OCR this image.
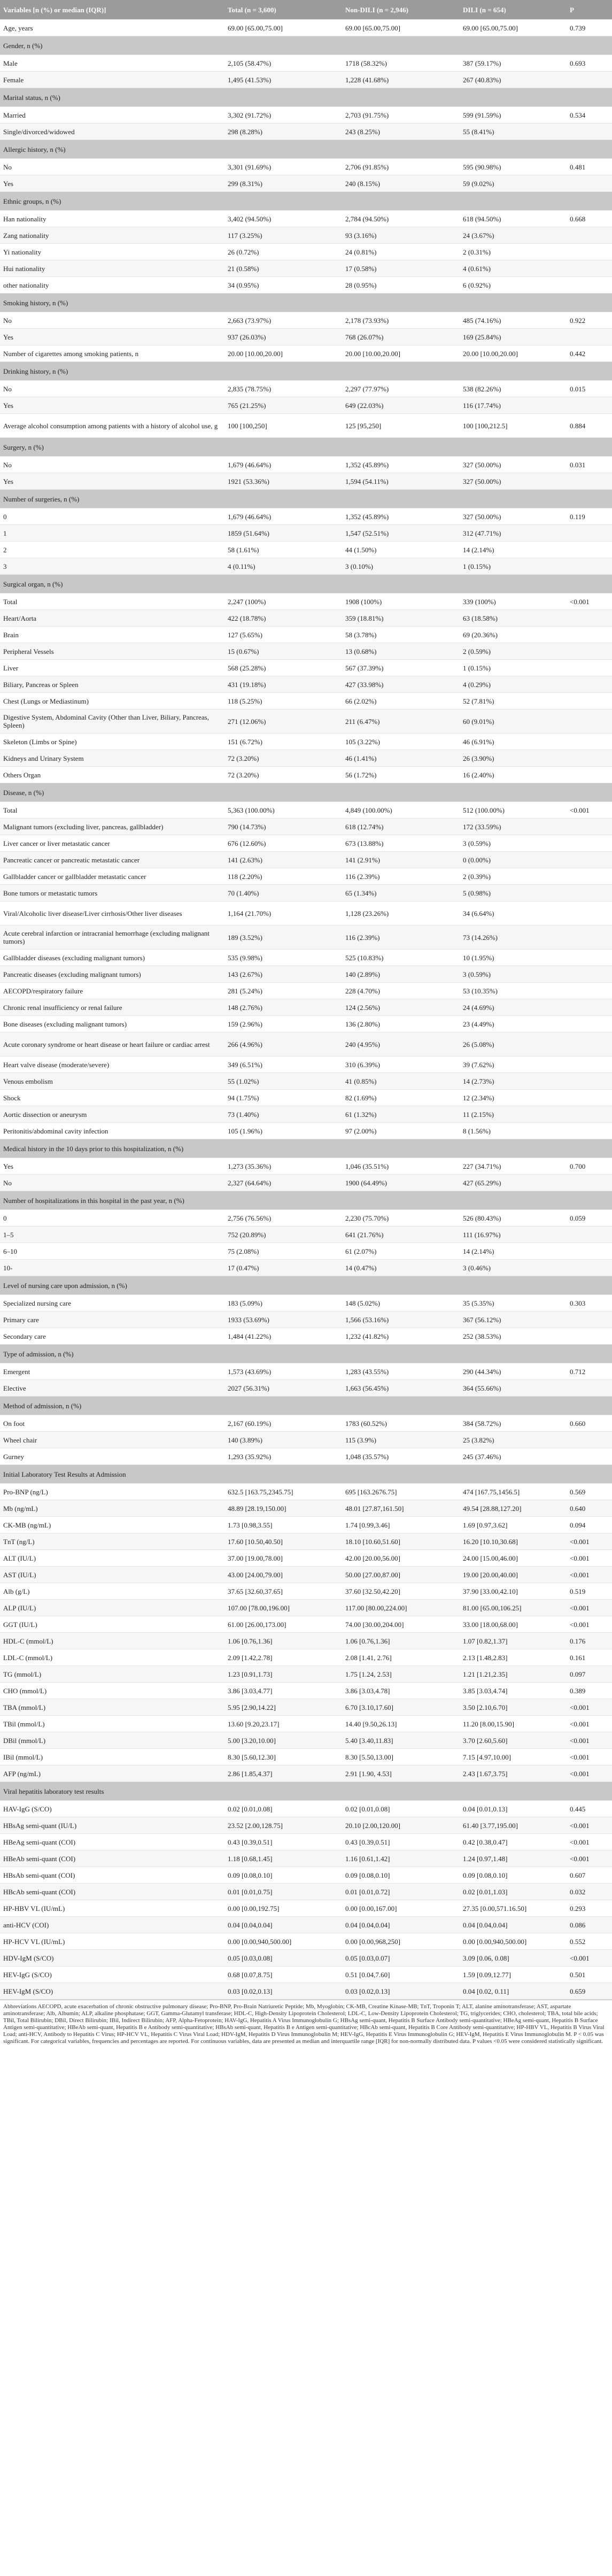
Variables [n (%) or median (IQR)]	Total (n = 3,600)	Non-DILI (n = 2,946)	DILI (n = 654)	P
Age, years	69.00 [65.00,75.00]	69.00 [65.00,75.00]	69.00 [65.00,75.00]	0.739
Gender, n (%)				
Male	2,105 (58.47%)	1718 (58.32%)	387 (59.17%)	0.693
Female	1,495 (41.53%)	1,228 (41.68%)	267 (40.83%)	
Marital status, n (%)				
Married	3,302 (91.72%)	2,703 (91.75%)	599 (91.59%)	0.534
Single/divorced/widowed	298 (8.28%)	243 (8.25%)	55 (8.41%)	
Allergic history, n (%)				
No	3,301 (91.69%)	2,706 (91.85%)	595 (90.98%)	0.481
Yes	299 (8.31%)	240 (8.15%)	59 (9.02%)	
Ethnic groups, n (%)				
Han nationality	3,402 (94.50%)	2,784 (94.50%)	618 (94.50%)	0.668
Zang nationality	117 (3.25%)	93 (3.16%)	24 (3.67%)	
Yi nationality	26 (0.72%)	24 (0.81%)	2 (0.31%)	
Hui nationality	21 (0.58%)	17 (0.58%)	4 (0.61%)	
other nationality	34 (0.95%)	28 (0.95%)	6 (0.92%)	
Smoking history, n (%)				
No	2,663 (73.97%)	2,178 (73.93%)	485 (74.16%)	0.922
Yes	937 (26.03%)	768 (26.07%)	169 (25.84%)	
Number of cigarettes among smoking patients, n	20.00 [10.00,20.00]	20.00 [10.00,20.00]	20.00 [10.00,20.00]	0.442
Drinking history, n (%)				
No	2,835 (78.75%)	2,297 (77.97%)	538 (82.26%)	0.015
Yes	765 (21.25%)	649 (22.03%)	116 (17.74%)	
Average alcohol consumption among patients with a history of alcohol use, g	100 [100,250]	125 [95,250]	100 [100,212.5]	0.884
Surgery, n (%)				
No	1,679 (46.64%)	1,352 (45.89%)	327 (50.00%)	0.031
Yes	1921 (53.36%)	1,594 (54.11%)	327 (50.00%)	
Number of surgeries, n (%)				
0	1,679 (46.64%)	1,352 (45.89%)	327 (50.00%)	0.119
1	1859 (51.64%)	1,547 (52.51%)	312 (47.71%)	
2	58 (1.61%)	44 (1.50%)	14 (2.14%)	
3	4 (0.11%)	3 (0.10%)	1 (0.15%)	
Surgical organ, n (%)				
Total	2,247 (100%)	1908 (100%)	339 (100%)	<0.001
Heart/Aorta	422 (18.78%)	359 (18.81%)	63 (18.58%)	
Brain	127 (5.65%)	58 (3.78%)	69 (20.36%)	
Peripheral Vessels	15 (0.67%)	13 (0.68%)	2 (0.59%)	
Liver	568 (25.28%)	567 (37.39%)	1 (0.15%)	
Biliary, Pancreas or Spleen	431 (19.18%)	427 (33.98%)	4 (0.29%)	
Chest (Lungs or Mediastinum)	118 (5.25%)	66 (2.02%)	52 (7.81%)	
Digestive System, Abdominal Cavity (Other than Liver, Biliary, Pancreas, Spleen)	271 (12.06%)	211 (6.47%)	60 (9.01%)	
Skeleton (Limbs or Spine)	151 (6.72%)	105 (3.22%)	46 (6.91%)	
Kidneys and Urinary System	72 (3.20%)	46 (1.41%)	26 (3.90%)	
Others Organ	72 (3.20%)	56 (1.72%)	16 (2.40%)	
Disease, n (%)				
Total	5,363 (100.00%)	4,849 (100.00%)	512 (100.00%)	<0.001
Malignant tumors (excluding liver, pancreas, gallbladder)	790 (14.73%)	618 (12.74%)	172 (33.59%)	
Liver cancer or liver metastatic cancer	676 (12.60%)	673 (13.88%)	3 (0.59%)	
Pancreatic cancer or pancreatic metastatic cancer	141 (2.63%)	141 (2.91%)	0 (0.00%)	
Gallbladder cancer or gallbladder metastatic cancer	118 (2.20%)	116 (2.39%)	2 (0.39%)	
Bone tumors or metastatic tumors	70 (1.40%)	65 (1.34%)	5 (0.98%)	
Viral/Alcoholic liver disease/Liver cirrhosis/Other liver diseases	1,164 (21.70%)	1,128 (23.26%)	34 (6.64%)	
Acute cerebral infarction or intracranial hemorrhage (excluding malignant tumors)	189 (3.52%)	116 (2.39%)	73 (14.26%)	
Gallbladder diseases (excluding malignant tumors)	535 (9.98%)	525 (10.83%)	10 (1.95%)	
Pancreatic diseases (excluding malignant tumors)	143 (2.67%)	140 (2.89%)	3 (0.59%)	
AECOPD/respiratory failure	281 (5.24%)	228 (4.70%)	53 (10.35%)	
Chronic renal insufficiency or renal failure	148 (2.76%)	124 (2.56%)	24 (4.69%)	
Bone diseases (excluding malignant tumors)	159 (2.96%)	136 (2.80%)	23 (4.49%)	
Acute coronary syndrome or heart disease or heart failure or cardiac arrest	266 (4.96%)	240 (4.95%)	26 (5.08%)	
Heart valve disease (moderate/severe)	349 (6.51%)	310 (6.39%)	39 (7.62%)	
Venous embolism	55 (1.02%)	41 (0.85%)	14 (2.73%)	
Shock	94 (1.75%)	82 (1.69%)	12 (2.34%)	
Aortic dissection or aneurysm	73 (1.40%)	61 (1.32%)	11 (2.15%)	
Peritonitis/abdominal cavity infection	105 (1.96%)	97 (2.00%)	8 (1.56%)	
Medical history in the 10 days prior to this hospitalization, n (%)				
Yes	1,273 (35.36%)	1,046 (35.51%)	227 (34.71%)	0.700
No	2,327 (64.64%)	1900 (64.49%)	427 (65.29%)	
Number of hospitalizations in this hospital in the past year, n (%)				
0	2,756 (76.56%)	2,230 (75.70%)	526 (80.43%)	0.059
1–5	752 (20.89%)	641 (21.76%)	111 (16.97%)	
6–10	75 (2.08%)	61 (2.07%)	14 (2.14%)	
10-	17 (0.47%)	14 (0.47%)	3 (0.46%)	
Level of nursing care upon admission, n (%)				
Specialized nursing care	183 (5.09%)	148 (5.02%)	35 (5.35%)	0.303
Primary care	1933 (53.69%)	1,566 (53.16%)	367 (56.12%)	
Secondary care	1,484 (41.22%)	1,232 (41.82%)	252 (38.53%)	
Type of admission, n (%)				
Emergent	1,573 (43.69%)	1,283 (43.55%)	290 (44.34%)	0.712
Elective	2027 (56.31%)	1,663 (56.45%)	364 (55.66%)	
Method of admission, n (%)				
On foot	2,167 (60.19%)	1783 (60.52%)	384 (58.72%)	0.660
Wheel chair	140 (3.89%)	115 (3.9%)	25 (3.82%)	
Gurney	1,293 (35.92%)	1,048 (35.57%)	245 (37.46%)	
Initial Laboratory Test Results at Admission				
Pro-BNP (ng/L)	632.5 [163.75,2345.75]	695 [163.2676.75]	474 [167.75,1456.5]	0.569
Mb (ng/mL)	48.89 [28.19,150.00]	48.01 [27.87,161.50]	49.54 [28.88,127.20]	0.640
CK-MB (ng/mL)	1.73 [0.98,3.55]	1.74 [0.99,3.46]	1.69 [0.97,3.62]	0.094
TnT (ng/L)	17.60 [10.50,40.50]	18.10 [10.60,51.60]	16.20 [10.10,30.68]	<0.001
ALT (IU/L)	37.00 [19.00,78.00]	42.00 [20.00,56.00]	24.00 [15.00,46.00]	<0.001
AST (IU/L)	43.00 [24.00,79.00]	50.00 [27.00,87.00]	19.00 [20.00,40.00]	<0.001
Alb (g/L)	37.65 [32.60,37.65]	37.60 [32.50,42.20]	37.90 [33.00,42.10]	0.519
ALP (IU/L)	107.00 [78.00,196.00]	117.00 [80.00,224.00]	81.00 [65.00,106.25]	<0.001
GGT (IU/L)	61.00 [26.00,173.00]	74.00 [30.00,204.00]	33.00 [18.00,68.00]	<0.001
HDL-C (mmol/L)	1.06 [0.76,1.36]	1.06 [0.76,1.36]	1.07 [0.82,1.37]	0.176
LDL-C (mmol/L)	2.09 [1.42,2.78]	2.08 [1.41, 2.76]	2.13 [1.48,2.83]	0.161
TG (mmol/L)	1.23 [0.91,1.73]	1.75 [1.24, 2.53]	1.21 [1.21,2.35]	0.097
CHO (mmol/L)	3.86 [3.03,4.77]	3.86 [3.03,4.78]	3.85 [3.03,4.74]	0.389
TBA (mmol/L)	5.95 [2.90,14.22]	6.70 [3.10,17.60]	3.50 [2.10,6.70]	<0.001
TBil (mmol/L)	13.60 [9.20,23.17]	14.40 [9.50,26.13]	11.20 [8.00,15.90]	<0.001
DBil (mmol/L)	5.00 [3.20,10.00]	5.40 [3.40,11.83]	3.70 [2.60,5.60]	<0.001
IBil (mmol/L)	8.30 [5.60,12.30]	8.30 [5.50,13.00]	7.15 [4.97,10.00]	<0.001
AFP (ng/mL)	2.86 [1.85,4.37]	2.91 [1.90, 4.53]	2.43 [1.67,3.75]	<0.001
Viral hepatitis laboratory test results				
HAV-IgG (S/CO)	0.02 [0.01,0.08]	0.02 [0.01,0.08]	0.04 [0.01,0.13]	0.445
HBsAg semi-quant (IU/L)	23.52 [2.00,128.75]	20.10 [2.00,120.00]	61.40 [3.77,195.00]	<0.001
HBeAg semi-quant (COI)	0.43 [0.39,0.51]	0.43 [0.39,0.51]	0.42 [0.38,0.47]	<0.001
HBeAb semi-quant (COI)	1.18 [0.68,1.45]	1.16 [0.61,1.42]	1.24 [0.97,1.48]	<0.001
HBsAb semi-quant (COI)	0.09 [0.08,0.10]	0.09 [0.08,0.10]	0.09 [0.08,0.10]	0.607
HBcAb semi-quant (COI)	0.01 [0.01,0.75]	0.01 [0.01,0.72]	0.02 [0.01,1.03]	0.032
HP-HBV VL (IU/mL)	0.00 [0.00,192.75]	0.00 [0.00,167.00]	27.35 [0.00,571.16.50]	0.293
anti-HCV (COI)	0.04 [0.04,0.04]	0.04 [0.04,0.04]	0.04 [0.04,0.04]	0.086
HP-HCV VL (IU/mL)	0.00 [0.00,940,500.00]	0.00 [0.00,968,250]	0.00 [0.00,940,500.00]	0.552
HDV-IgM (S/CO)	0.05 [0.03,0.08]	0.05 [0.03,0.07]	3.09 [0.06, 0.08]	<0.001
HEV-IgG (S/CO)	0.68 [0.07,8.75]	0.51 [0.04,7.60]	1.59 [0.09,12.77]	0.501
HEV-IgM (S/CO)	0.03 [0.02,0.13]	0.03 [0.02,0.13]	0.04 [0.02, 0.11]	0.659
Abbreviations AECOPD, acute exacerbation of chronic obstructive pulmonary disease; Pro-BNP, Pro-Brain Natriuretic Peptide; Mb, Myoglobin; CK-MB, Creatine Kinase-MB; TnT, Troponin T; ALT, alanine aminotransferase; AST, aspartate aminotransferase; Alb, Albumin; ALP, alkaline phosphatase; GGT, Gamma-Glutamyl transferase; HDL-C, High-Density Lipoprotein Cholesterol; LDL-C, Low-Density Lipoprotein Cholesterol; TG, triglycerides; CHO, cholesterol; TBA, total bile acids; TBil, Total Bilirubin; DBil, Direct Bilirubin; IBil, Indirect Bilirubin; AFP, Alpha-Fetoprotein; HAV-IgG, Hepatitis A Virus Immunoglobulin G; HBsAg semi-quant, Hepatitis B Surface Antibody semi-quantitative; HBeAg semi-quant, Hepatitis B Surface Antigen semi-quantitative; HBeAb semi-quant, Hepatitis B e Antibody semi-quantitative; HBsAb semi-quant, Hepatitis B e Antigen semi-quantitative; HBcAb semi-quant, Hepatitis B Core Antibody semi-quantitative; HP-HBV VL, Hepatitis B Virus Viral Load; anti-HCV, Antibody to Hepatitis C Virus; HP-HCV VL, Hepatitis C Virus Viral Load; HDV-IgM, Hepatitis D Virus Immunoglobulin M; HEV-IgG, Hepatitis E Virus Immunoglobulin G; HEV-IgM, Hepatitis E Virus Immunoglobulin M. P < 0.05 was significant. For categorical variables, frequencies and percentages are reported. For continuous variables, data are presented as median and interquartile range [IQR] for non-normally distributed data. P values <0.05 were considered statistically significant.
